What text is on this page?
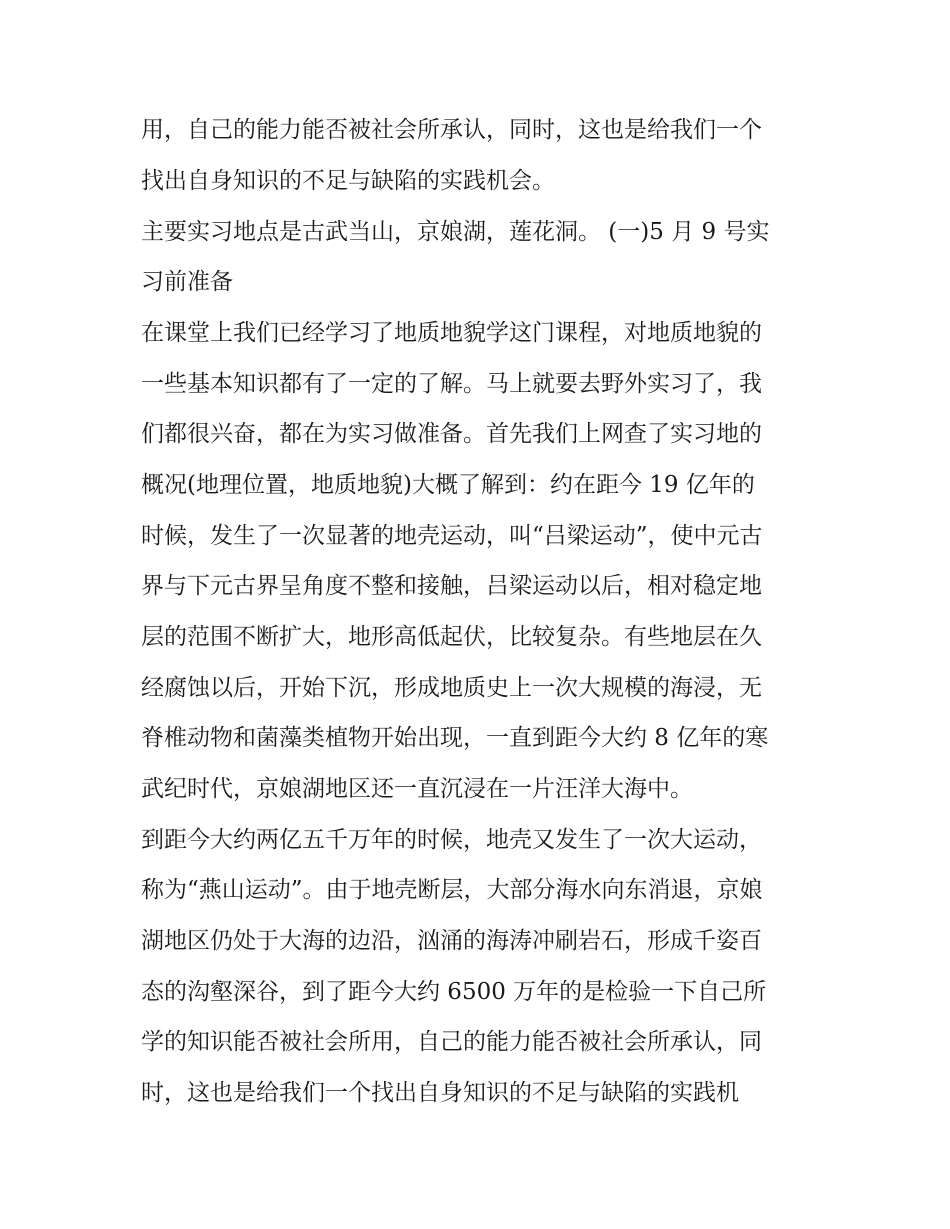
用，自己的能力能否被社会所承认，同时，这也是给我们一个
找出自身知识的不足与缺陷的实践机会。
主要实习地点是古武当山，京娘湖，莲花洞。 (一)5 月 9 号实
习前准备
在课堂上我们已经学习了地质地貌学这门课程，对地质地貌的
一些基本知识都有了一定的了解。马上就要去野外实习了，我
们都很兴奋，都在为实习做准备。首先我们上网查了实习地的
概况(地理位置，地质地貌)大概了解到：约在距今 19 亿年的
时候，发生了一次显著的地壳运动，叫“吕梁运动”，使中元古
界与下元古界呈角度不整和接触，吕梁运动以后，相对稳定地
层的范围不断扩大，地形高低起伏，比较复杂。有些地层在久
经腐蚀以后，开始下沉，形成地质史上一次大规模的海浸，无
脊椎动物和菌藻类植物开始出现，一直到距今大约 8 亿年的寒
武纪时代，京娘湖地区还一直沉浸在一片汪洋大海中。
到距今大约两亿五千万年的时候，地壳又发生了一次大运动，
称为“燕山运动”。由于地壳断层，大部分海水向东消退，京娘
湖地区仍处于大海的边沿，汹涌的海涛冲刷岩石，形成千姿百
态的沟壑深谷，到了距今大约 6500 万年的是检验一下自己所
学的知识能否被社会所用，自己的能力能否被社会所承认，同
时，这也是给我们一个找出自身知识的不足与缺陷的实践机
